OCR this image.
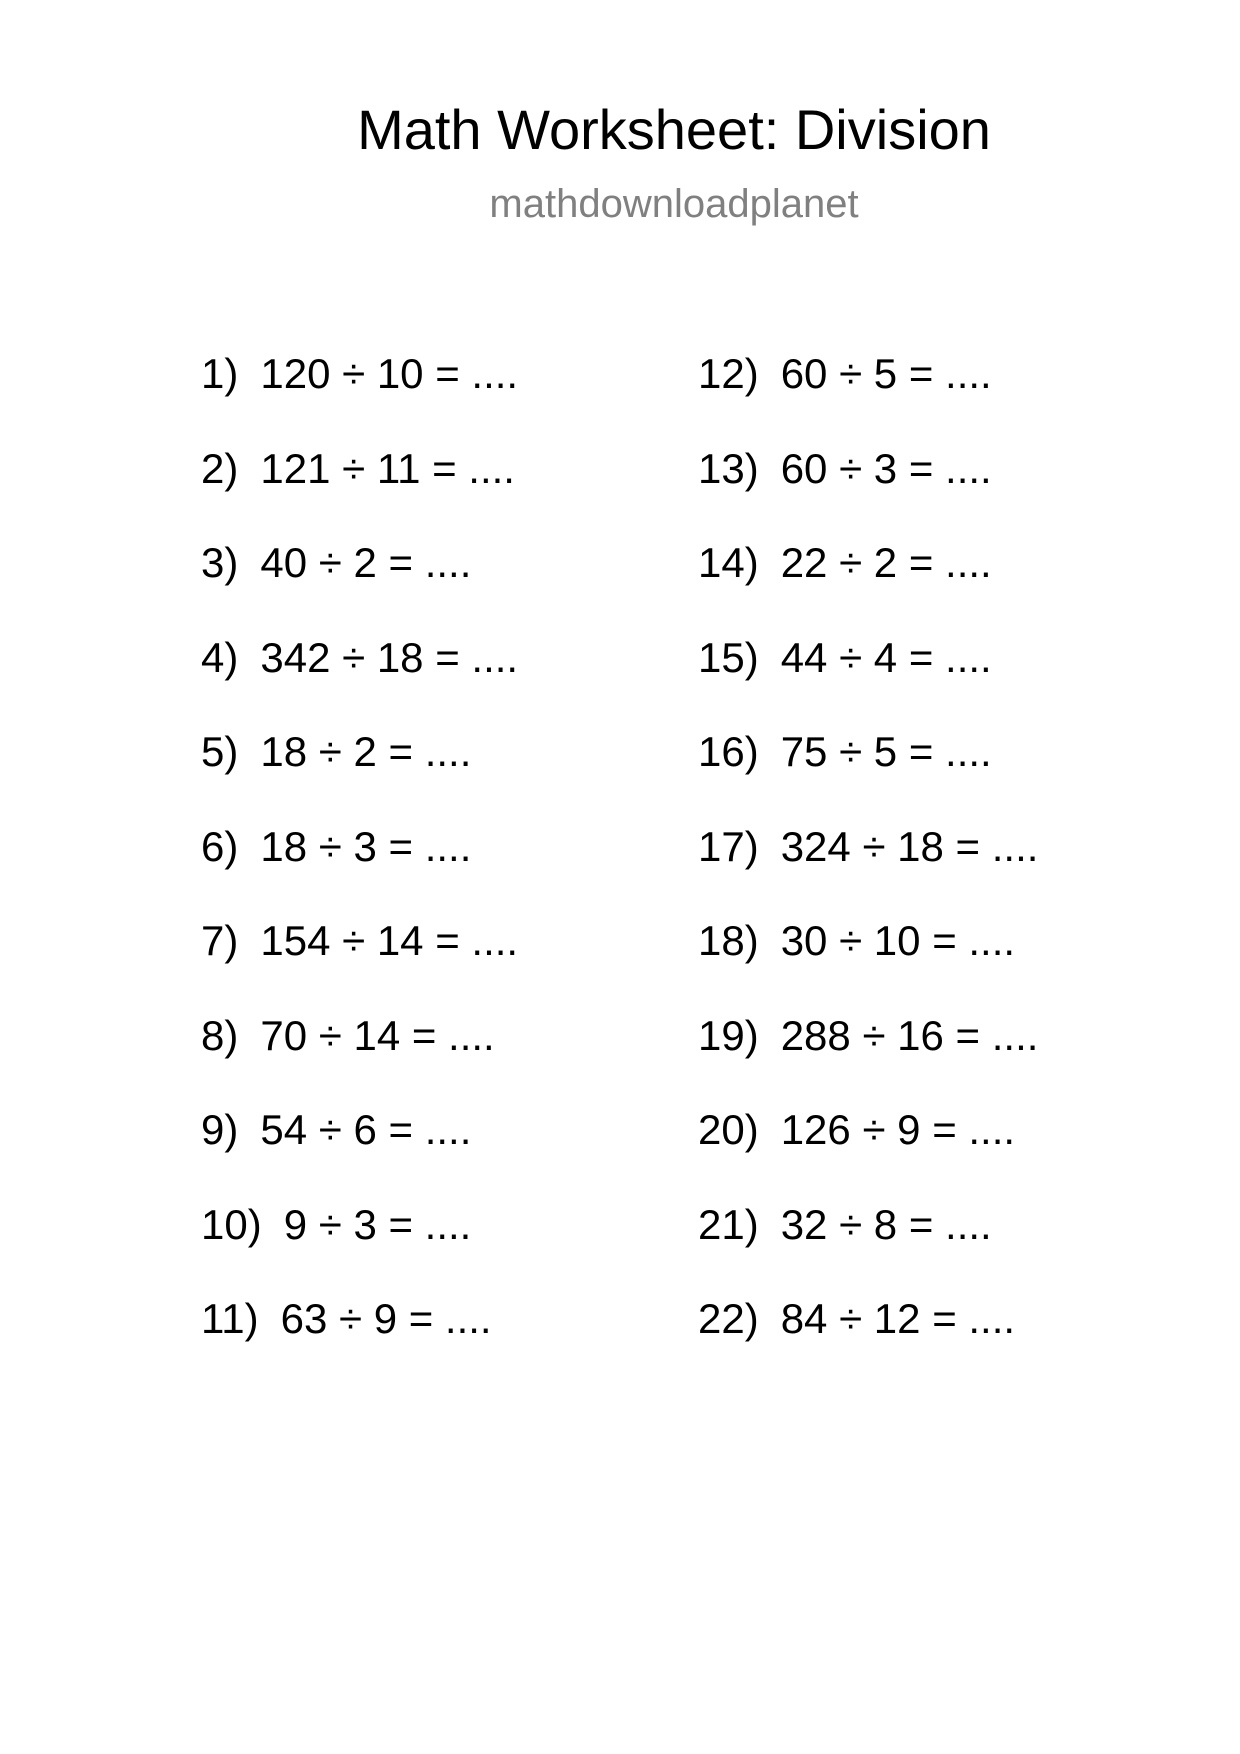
Math Worksheet: Division
mathdownloadplanet
1) 120 ÷ 10 = ....
2) 121 ÷ 11 = ....
3) 40 ÷ 2 = ....
4) 342 ÷ 18 = ....
5) 18 ÷ 2 = ....
6) 18 ÷ 3 = ....
7) 154 ÷ 14 = ....
8) 70 ÷ 14 = ....
9) 54 ÷ 6 = ....
10) 9 ÷ 3 = ....
11) 63 ÷ 9 = ....
12) 60 ÷ 5 = ....
13) 60 ÷ 3 = ....
14) 22 ÷ 2 = ....
15) 44 ÷ 4 = ....
16) 75 ÷ 5 = ....
17) 324 ÷ 18 = ....
18) 30 ÷ 10 = ....
19) 288 ÷ 16 = ....
20) 126 ÷ 9 = ....
21) 32 ÷ 8 = ....
22) 84 ÷ 12 = ....
